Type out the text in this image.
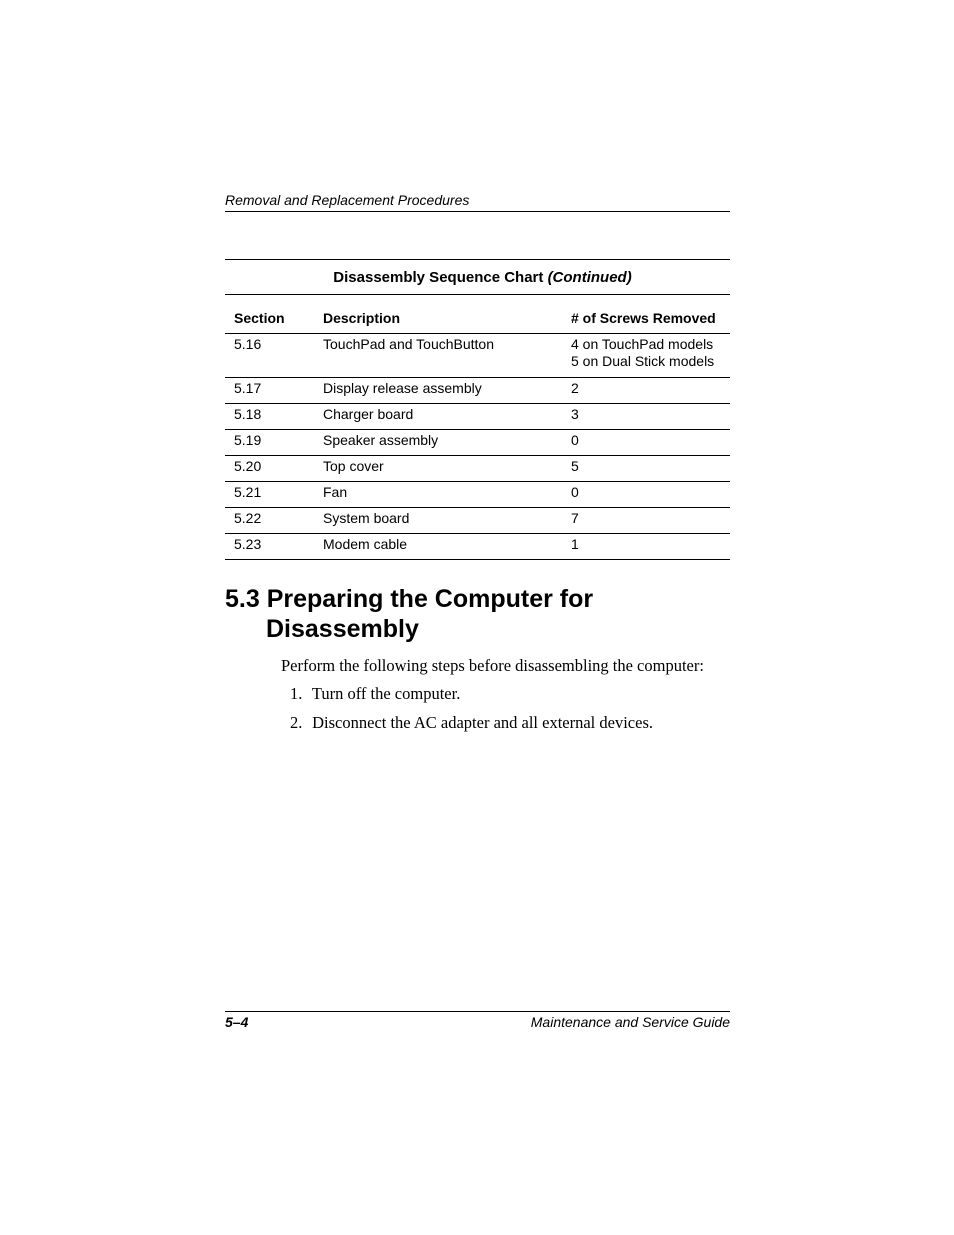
Removal and Replacement Procedures
Disassembly Sequence Chart (Continued)
Section	Description	# of Screws Removed
5.16	TouchPad and TouchButton	4 on TouchPad models
5 on Dual Stick models

5.17	Display release assembly	2
5.18	Charger board	3
5.19	Speaker assembly	0
5.20	Top cover	5
5.21	Fan	0
5.22	System board	7
5.23	Modem cable	1
5.3 Preparing the Computer for
Disassembly

Perform the following steps before disassembling the computer:

1. Turn off the computer.
2. Disconnect the AC adapter and all external devices.
5–4	Maintenance and Service Guide
